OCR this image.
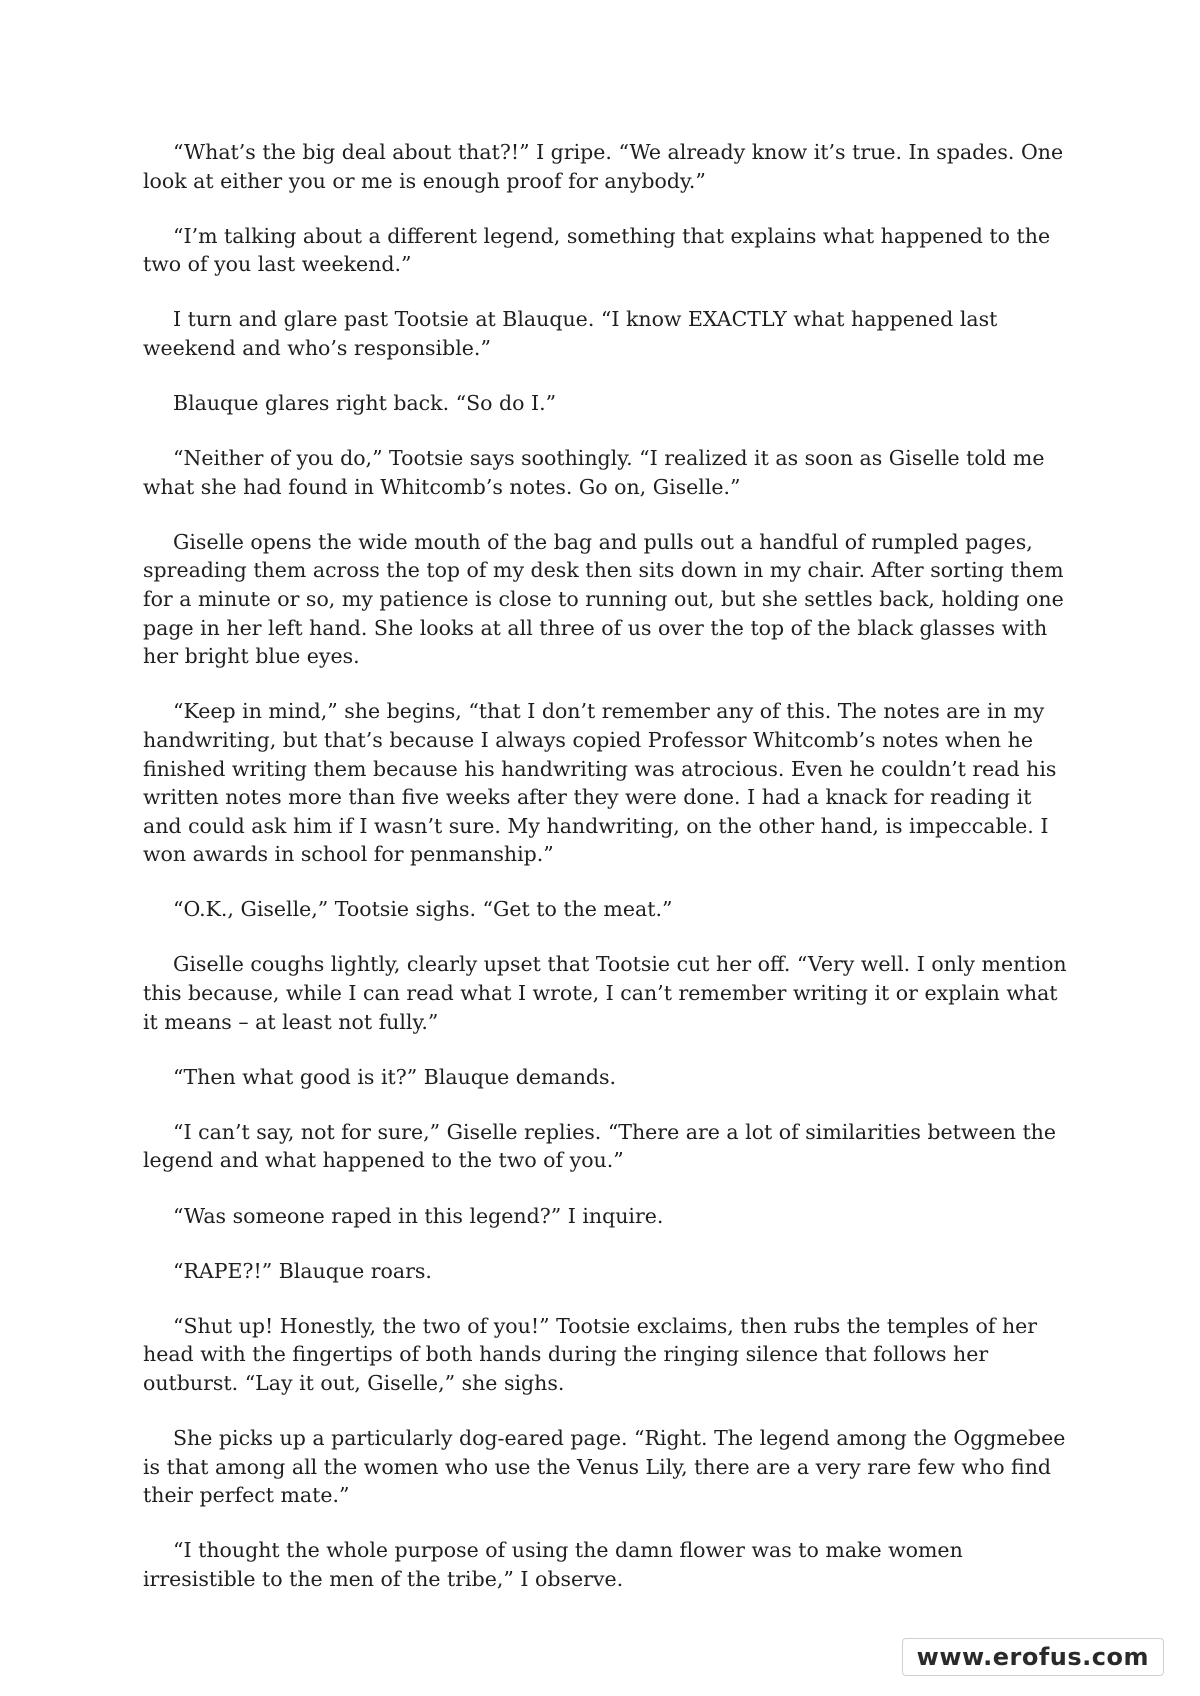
“What’s the big deal about that?!” I gripe. “We already know it’s true. In spades. One look at either you or me is enough proof for anybody.”

“I’m talking about a different legend, something that explains what happened to the two of you last weekend.”

I turn and glare past Tootsie at Blauque. “I know EXACTLY what happened last weekend and who’s responsible.”

Blauque glares right back. “So do I.”

“Neither of you do,” Tootsie says soothingly. “I realized it as soon as Giselle told me what she had found in Whitcomb’s notes. Go on, Giselle.”

Giselle opens the wide mouth of the bag and pulls out a handful of rumpled pages, spreading them across the top of my desk then sits down in my chair. After sorting them for a minute or so, my patience is close to running out, but she settles back, holding one page in her left hand. She looks at all three of us over the top of the black glasses with her bright blue eyes.

“Keep in mind,” she begins, “that I don’t remember any of this. The notes are in my handwriting, but that’s because I always copied Professor Whitcomb’s notes when he finished writing them because his handwriting was atrocious. Even he couldn’t read his written notes more than five weeks after they were done. I had a knack for reading it and could ask him if I wasn’t sure. My handwriting, on the other hand, is impeccable. I won awards in school for penmanship.”

“O.K., Giselle,” Tootsie sighs. “Get to the meat.”

Giselle coughs lightly, clearly upset that Tootsie cut her off. “Very well. I only mention this because, while I can read what I wrote, I can’t remember writing it or explain what it means – at least not fully.”

“Then what good is it?” Blauque demands.

“I can’t say, not for sure,” Giselle replies. “There are a lot of similarities between the legend and what happened to the two of you.”

“Was someone raped in this legend?” I inquire.

“RAPE?!” Blauque roars.

“Shut up! Honestly, the two of you!” Tootsie exclaims, then rubs the temples of her head with the fingertips of both hands during the ringing silence that follows her outburst. “Lay it out, Giselle,” she sighs.

She picks up a particularly dog-eared page. “Right. The legend among the Oggmebee is that among all the women who use the Venus Lily, there are a very rare few who find their perfect mate.”

“I thought the whole purpose of using the damn flower was to make women irresistible to the men of the tribe,” I observe.

www.erofus.com
